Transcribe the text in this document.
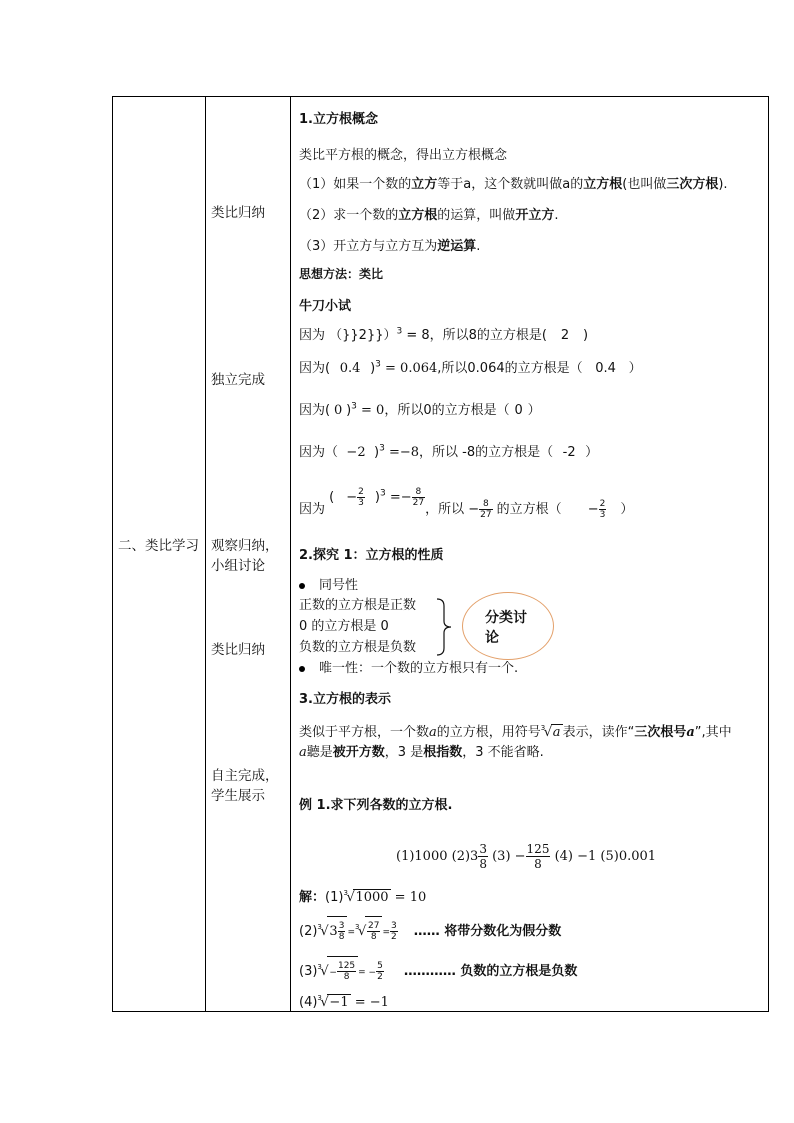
二、类比学习
类比归纳
独立完成
观察归纳，
小组讨论
类比归纳
自主完成，
学生展示
1.立方根概念
类比平方根的概念，得出立方根概念
（1）如果一个数的立方等于a，这个数就叫做a的立方根(也叫做三次方根).
（2）求一个数的立方根的运算，叫做开立方.
（3）开立方与立方互为逆运算.
思想方法：类比
牛刀小试
因为 $(\}\}2\}\})^3 = 8$，所以8的立方根是( 2 )
因为( 0.4 )$^3$ = 0.064,所以0.064的立方根是（ 0.4 ）
因为( 0 )$^3$ = 0，所以0的立方根是（ 0 ）
因为（ −2 )$^3$ =−8，所以 -8的立方根是（ -2 ）
因为 ( − $\frac{2}{3} )^3 =- \frac{8}{27}$
，所以 − $\frac{8}{27}$ 的立方根（ − $\frac{2}{3}$ ）
2.探究 1：立方根的性质
同号性
正数的立方根是正数
0 的立方根是 0
负数的立方根是负数
分类讨论
唯一性：一个数的立方根只有一个.
3.立方根的表示
类似于平方根，一个数a的立方根，用符号 3
√ a 表示，读作“三次根号a”,其中
a聽是被开方数，3 是根指数，3 不能省略.
例 1.求下列各数的立方根.
(1)1000 $(2)3 \frac{3}{8} (3) - \frac{125}{8} (4) -1$ (5)0.001
解：(1) 3
√ 1000 = 10
(2) 3
√ $3 \frac{3}{8}$ =
3
√ $\frac{27}{8} = \frac{3}{2}$ …… 将带分数化为假分数
(3) 3
√ − $\frac{125}{8}$ = − $\frac{5}{2}$ ………… 负数的立方根是负数
(4) 3
√ −1 = −1
